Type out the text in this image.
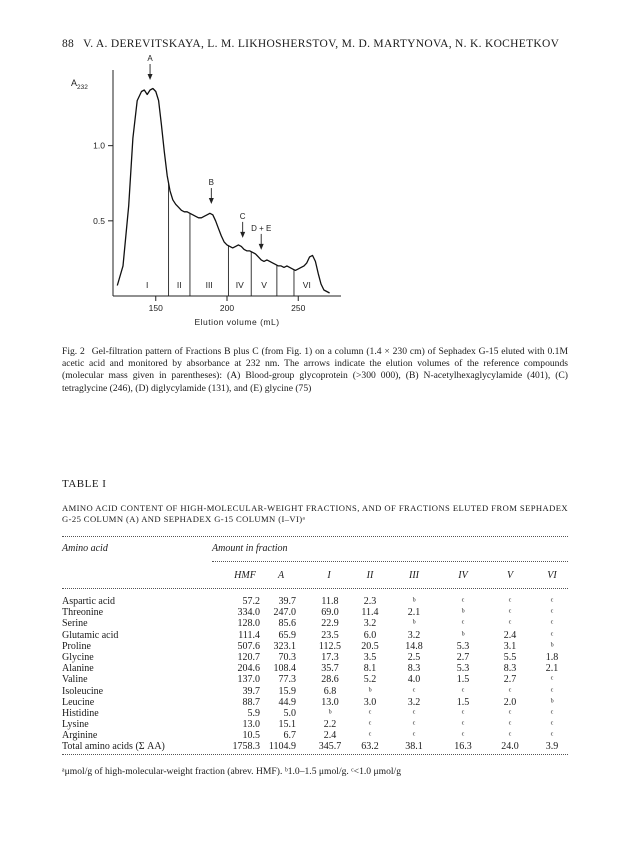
88 V. A. DEREVITSKAYA, L. M. LIKHOSHERSTOV, M. D. MARTYNOVA, N. K. KOCHETKOV
$A_{232}$
0.5
1.0
150	200	250
Elution volume (mL)
I	II	III	IV V	VI
A
B
C
D + E
Fig. 2 Gel-filtration pattern of Fractions B plus C (from Fig. 1) on a column (1.4 × 230 cm) of Sephadex G-15 eluted with 0.1M acetic acid and monitored by absorbance at 232 nm. The arrows indicate the elution volumes of the reference compounds (molecular mass given in parentheses): (A) Blood-group glycoprotein (>300 000), (B) N-acetylhexaglycylamide (401), (C) tetraglycine (246), (D) diglycylamide (131), and (E) glycine (75)
TABLE I
AMINO ACID CONTENT OF HIGH-MOLECULAR-WEIGHT FRACTIONS, AND OF FRACTIONS ELUTED FROM SEPHADEX G-25 COLUMN (A) AND SEPHADEX G-15 COLUMN (I–VI)ᵃ
Amino acid	Amount in fraction
HMF	A	I	II	III	IV	V	VI
Aspartic acid	57.2	39.7	11.8	2.3	ᵇ	ᶜ	ᶜ	ᶜ
Threonine	334.0	247.0	69.0	11.4	2.1	ᵇ	ᶜ	ᶜ
Serine	128.0	85.6	22.9	3.2	ᵇ	ᶜ	ᶜ	ᶜ
Glutamic acid	111.4	65.9	23.5	6.0	3.2	ᵇ	2.4	ᶜ
Proline	507.6	323.1	112.5	20.5	14.8	5.3	3.1	ᵇ
Glycine	120.7	70.3	17.3	3.5	2.5	2.7	5.5	1.8
Alanine	204.6	108.4	35.7	8.1	8.3	5.3	8.3	2.1
Valine	137.0	77.3	28.6	5.2	4.0	1.5	2.7	ᶜ
Isoleucine	39.7	15.9	6.8	ᵇ	ᶜ	ᶜ	ᶜ	ᶜ
Leucine	88.7	44.9	13.0	3.0	3.2	1.5	2.0	ᵇ
Histidine	5.9	5.0	ᵇ	ᶜ	ᶜ	ᶜ	ᶜ	ᶜ
Lysine	13.0	15.1	2.2	ᶜ	ᶜ	ᶜ	ᶜ	ᶜ
Arginine	10.5	6.7	2.4	ᶜ	ᶜ	ᶜ	ᶜ	ᶜ
Total amino acids (Σ AA)	1758.3 1104.9	345.7	63.2	38.1	16.3	24.0	3.9
ᵃμmol/g of high-molecular-weight fraction (abrev. HMF). ᵇ1.0–1.5 μmol/g. ᶜ<1.0 μmol/g
